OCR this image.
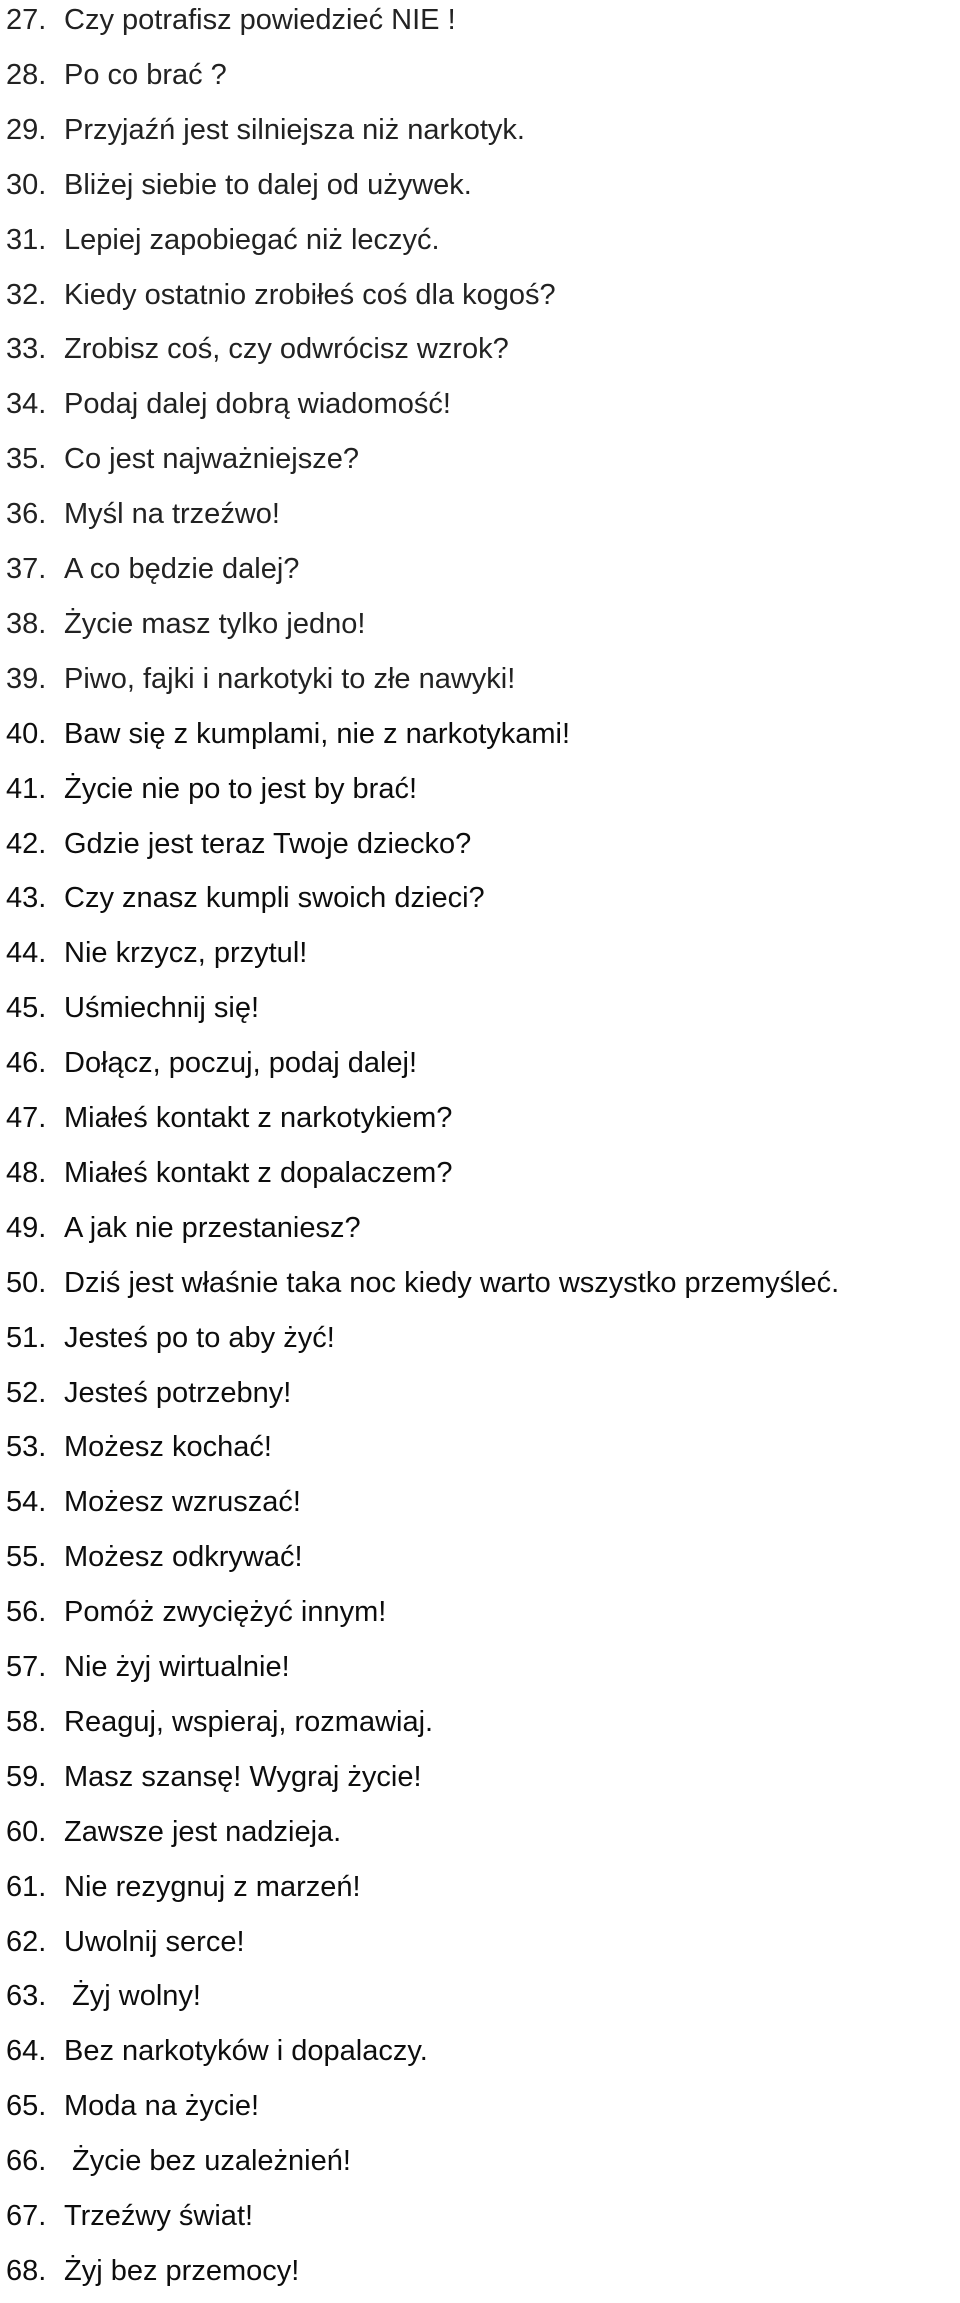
27. Czy potrafisz powiedzieć NIE !
28. Po co brać ?
29. Przyjaźń jest silniejsza niż narkotyk.
30. Bliżej siebie to dalej od używek.
31. Lepiej zapobiegać niż leczyć.
32. Kiedy ostatnio zrobiłeś coś dla kogoś?
33. Zrobisz coś, czy odwrócisz wzrok?
34. Podaj dalej dobrą wiadomość!
35. Co jest najważniejsze?
36. Myśl na trzeźwo!
37. A co będzie dalej?
38. Życie masz tylko jedno!
39. Piwo, fajki i narkotyki to złe nawyki!
40. Baw się z kumplami, nie z narkotykami!
41. Życie nie po to jest by brać!
42. Gdzie jest teraz Twoje dziecko?
43. Czy znasz kumpli swoich dzieci?
44. Nie krzycz, przytul!
45. Uśmiechnij się!
46. Dołącz, poczuj, podaj dalej!
47. Miałeś kontakt z narkotykiem?
48. Miałeś kontakt z dopalaczem?
49. A jak nie przestaniesz?
50. Dziś jest właśnie taka noc kiedy warto wszystko przemyśleć.
51. Jesteś po to aby żyć!
52. Jesteś potrzebny!
53. Możesz kochać!
54. Możesz wzruszać!
55. Możesz odkrywać!
56. Pomóż zwyciężyć innym!
57. Nie żyj wirtualnie!
58. Reaguj, wspieraj, rozmawiaj.
59. Masz szansę! Wygraj życie!
60. Zawsze jest nadzieja.
61. Nie rezygnuj z marzeń!
62. Uwolnij serce!
63. Żyj wolny!
64. Bez narkotyków i dopalaczy.
65. Moda na życie!
66. Życie bez uzależnień!
67. Trzeźwy świat!
68. Żyj bez przemocy!
